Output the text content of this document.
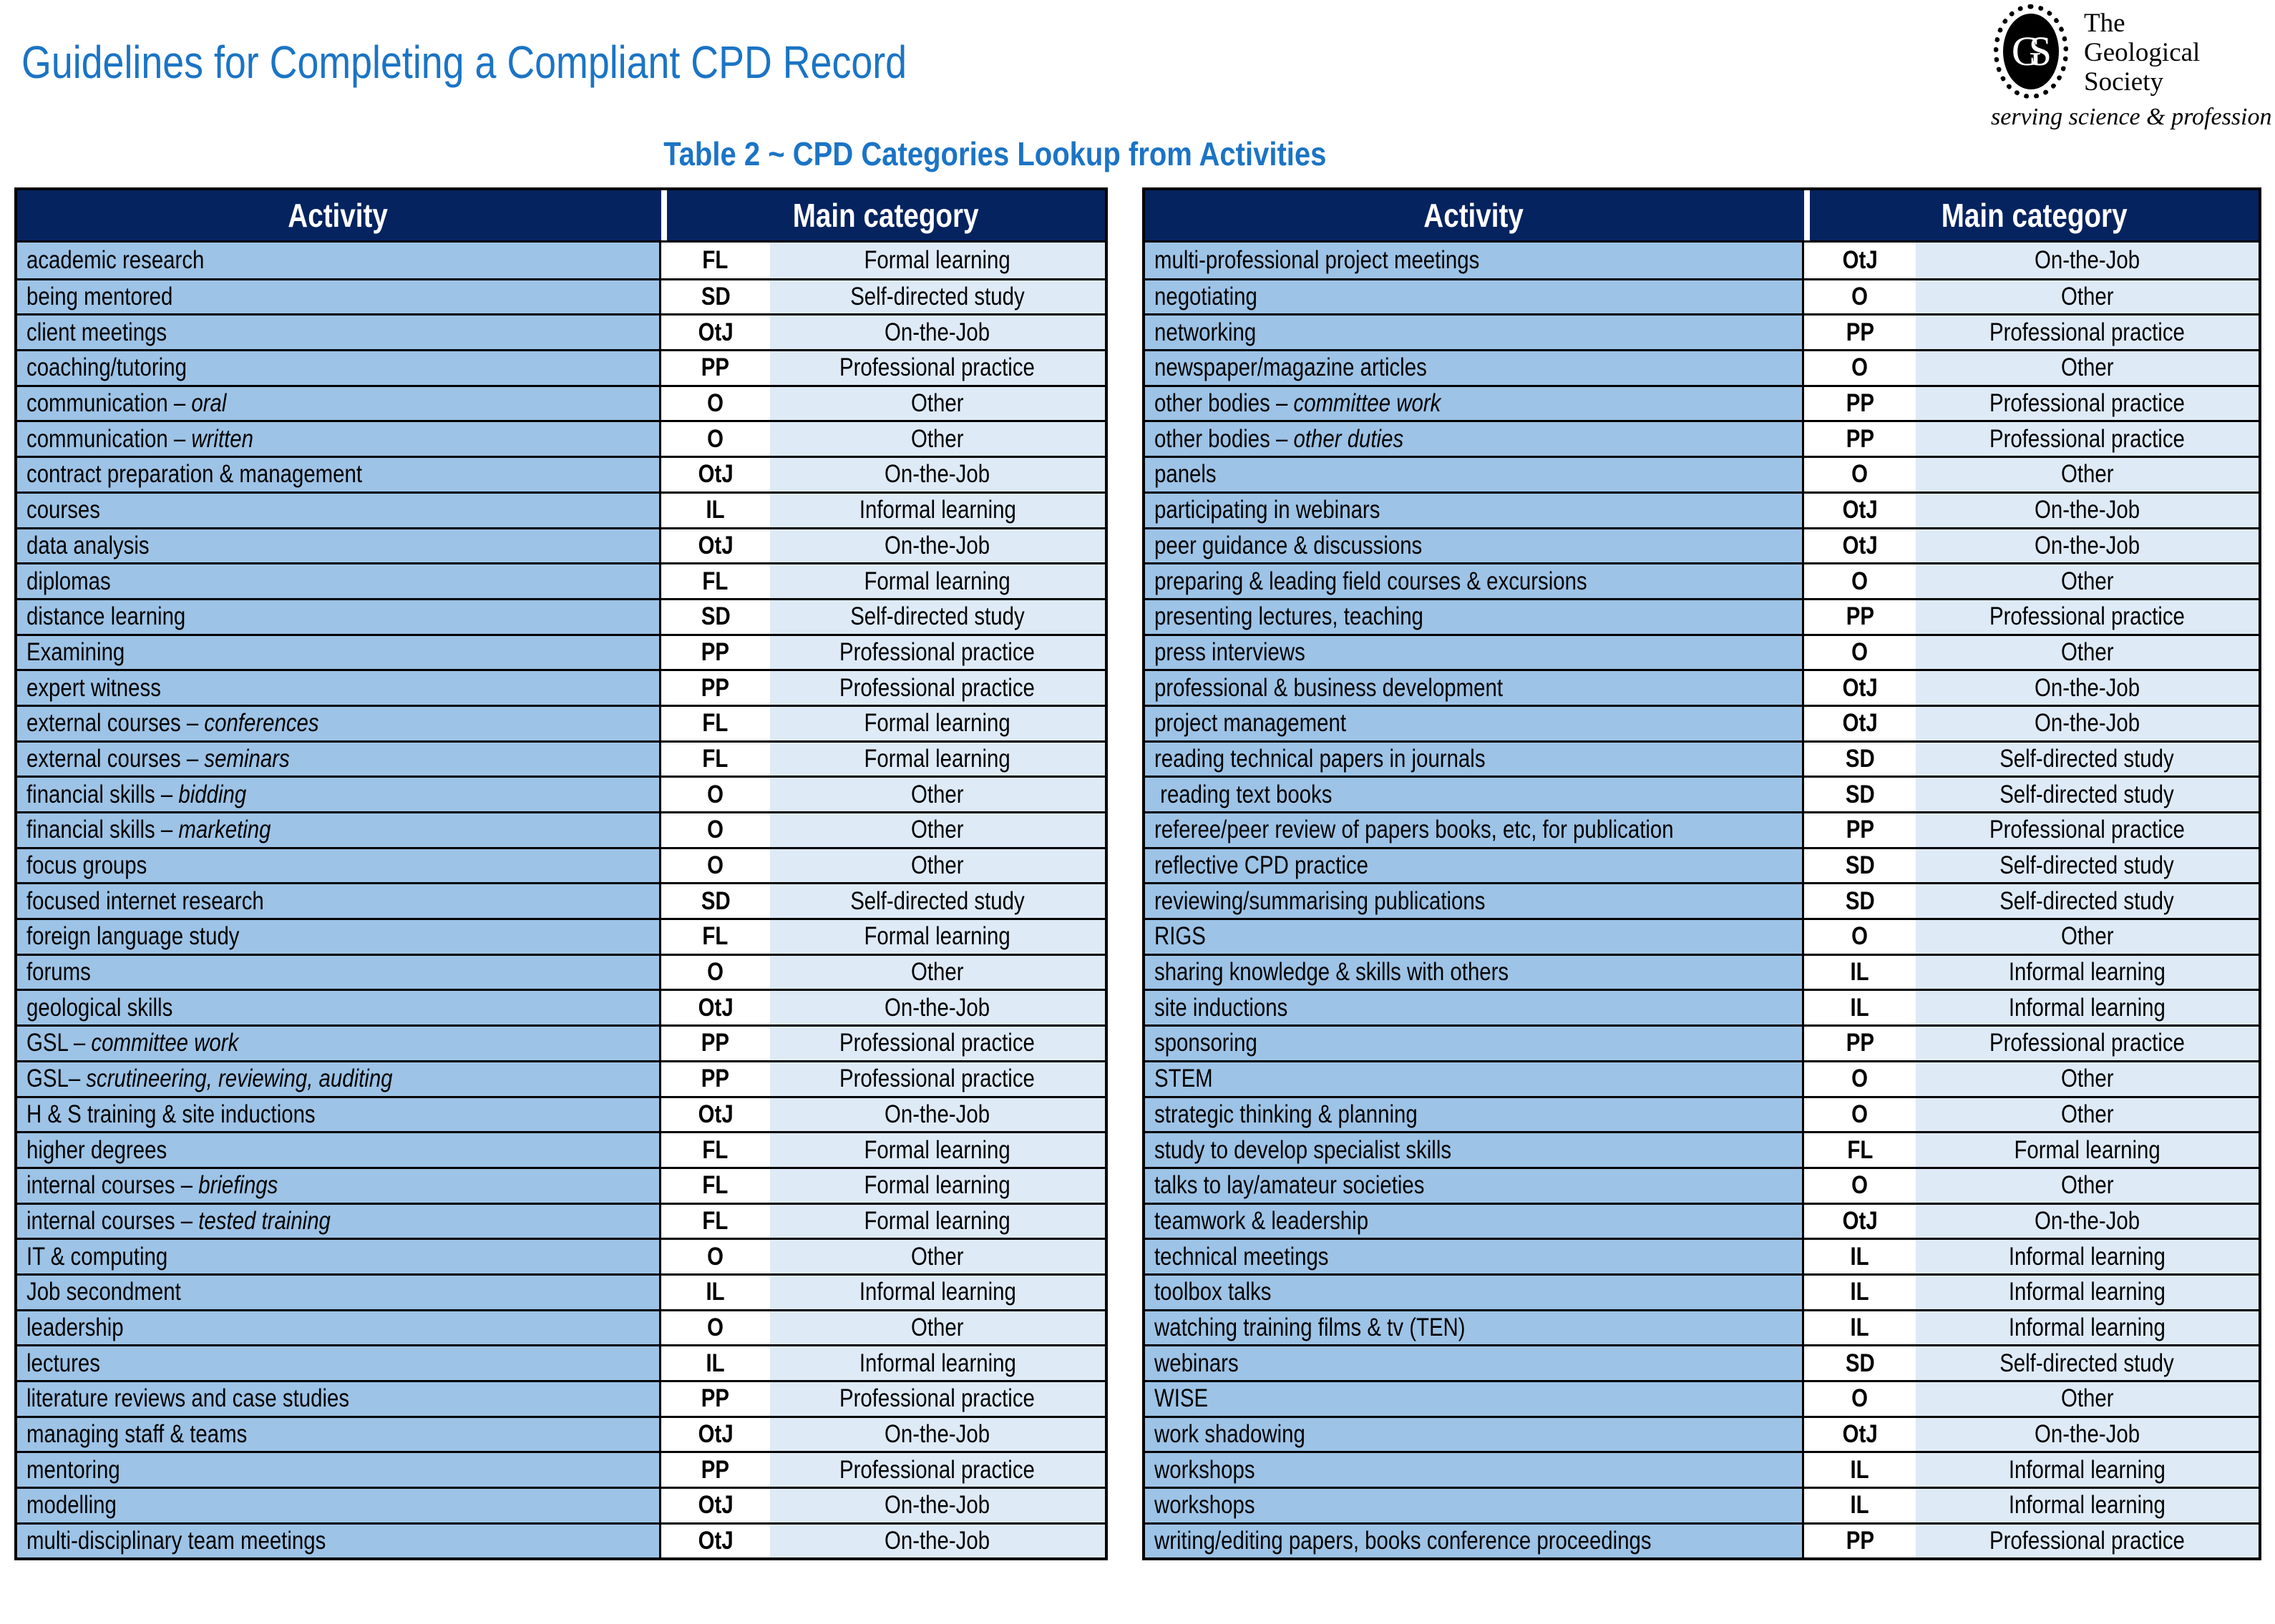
Guidelines for Completing a Compliant CPD Record	GS
The
Geological
Society
serving science & profession
Table 2 ~ CPD Categories Lookup from Activities
Activity	Main category
academic research	FL	Formal learning
being mentored	SD	Self-directed study
client meetings	OtJ	On-the-Job
coaching/tutoring	PP	Professional practice
communication – oral	O	Other
communication – written	O	Other
contract preparation & management	OtJ	On-the-Job
courses	IL	Informal learning
data analysis	OtJ	On-the-Job
diplomas	FL	Formal learning
distance learning	SD	Self-directed study
Examining	PP	Professional practice
expert witness	PP	Professional practice
external courses – conferences	FL	Formal learning
external courses – seminars	FL	Formal learning
financial skills – bidding	O	Other
financial skills – marketing	O	Other
focus groups	O	Other
focused internet research	SD	Self-directed study
foreign language study	FL	Formal learning
forums	O	Other
geological skills	OtJ	On-the-Job
GSL – committee work	PP	Professional practice
GSL– scrutineering, reviewing, auditing	PP	Professional practice
H & S training & site inductions	OtJ	On-the-Job
higher degrees	FL	Formal learning
internal courses – briefings	FL	Formal learning
internal courses – tested training	FL	Formal learning
IT & computing	O	Other
Job secondment	IL	Informal learning
leadership	O	Other
lectures	IL	Informal learning
literature reviews and case studies	PP	Professional practice
managing staff & teams	OtJ	On-the-Job
mentoring	PP	Professional practice
modelling	OtJ	On-the-Job
multi-disciplinary team meetings	OtJ	On-the-Job
Activity	Main category
multi-professional project meetings	OtJ	On-the-Job
negotiating	O	Other
networking	PP	Professional practice
newspaper/magazine articles	O	Other
other bodies – committee work	PP	Professional practice
other bodies – other duties	PP	Professional practice
panels	O	Other
participating in webinars	OtJ	On-the-Job
peer guidance & discussions	OtJ	On-the-Job
preparing & leading field courses & excursions	O	Other
presenting lectures, teaching	PP	Professional practice
press interviews	O	Other
professional & business development	OtJ	On-the-Job
project management	OtJ	On-the-Job
reading technical papers in journals	SD	Self-directed study
reading text books	SD	Self-directed study
referee/peer review of papers books, etc, for publication	PP	Professional practice
reflective CPD practice	SD	Self-directed study
reviewing/summarising publications	SD	Self-directed study
RIGS	O	Other
sharing knowledge & skills with others	IL	Informal learning
site inductions	IL	Informal learning
sponsoring	PP	Professional practice
STEM	O	Other
strategic thinking & planning	O	Other
study to develop specialist skills	FL	Formal learning
talks to lay/amateur societies	O	Other
teamwork & leadership	OtJ	On-the-Job
technical meetings	IL	Informal learning
toolbox talks	IL	Informal learning
watching training films & tv (TEN)	IL	Informal learning
webinars	SD	Self-directed study
WISE	O	Other
work shadowing	OtJ	On-the-Job
workshops	IL	Informal learning
workshops	IL	Informal learning
writing/editing papers, books conference proceedings	PP	Professional practice
